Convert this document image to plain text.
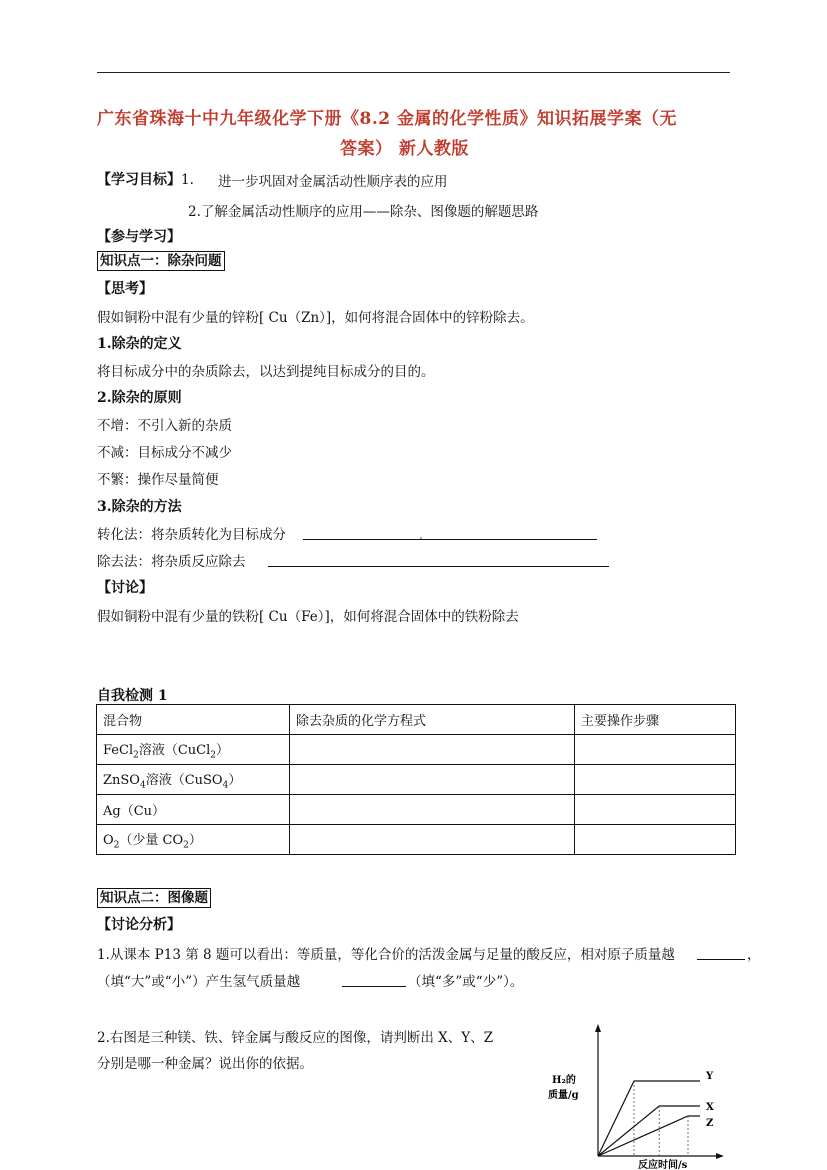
广东省珠海十中九年级化学下册《8.2 金属的化学性质》知识拓展学案（无
答案） 新人教版
【学习目标】1. 进一步巩固对金属活动性顺序表的应用
2.了解金属活动性顺序的应用——除杂、图像题的解题思路
【参与学习】
知识点一：除杂问题
【思考】
假如铜粉中混有少量的锌粉[ Cu（Zn）]，如何将混合固体中的锌粉除去。
1.除杂的定义
将目标成分中的杂质除去，以达到提纯目标成分的目的。
2.除杂的原则
不增：不引入新的杂质
不减：目标成分不减少
不繁：操作尽量简便
3.除杂的方法
转化法：将杂质转化为目标成分
除去法：将杂质反应除去
【讨论】
假如铜粉中混有少量的铁粉[ Cu（Fe）]，如何将混合固体中的铁粉除去
自我检测 1
混合物	除去杂质的化学方程式	主要操作步骤
FeCl$_2$溶液（CuCl$_2$）		
ZnSO$_4$溶液（CuSO$_4$）		
Ag（Cu）		
$O_2$（少量 $CO_2$）		
知识点二：图像题
【讨论分析】
1.从课本 P13 第 8 题可以看出：等质量，等化合价的活泼金属与足量的酸反应，相对原子质量越	，
（填“大”或“小”）产生氢气质量越	（填“多”或“少”）。
2.右图是三种镁、铁、锌金属与酸反应的图像，请判断出 X、Y、Z
分别是哪一种金属？说出你的依据。
H₂的
质量/g
Y
X
Z
反应时间/s
